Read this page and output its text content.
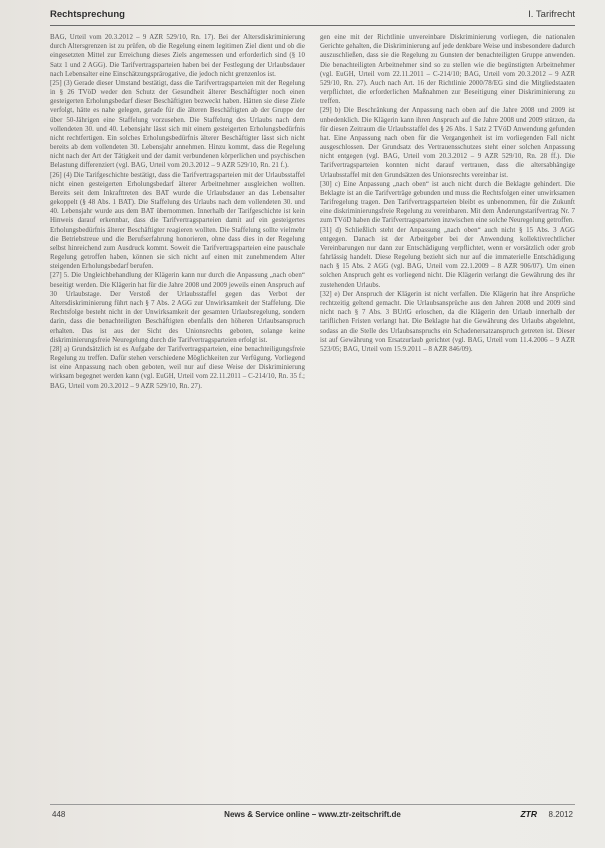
Rechtsprechung	I. Tarifrecht

BAG, Urteil vom 20.3.2012 – 9 AZR 529/10, Rn. 17). Bei der Altersdiskriminierung durch Altersgrenzen ist zu prüfen, ob die Regelung einem legitimen Ziel dient und ob die eingesetzten Mittel zur Erreichung dieses Ziels angemessen und erforderlich sind (§ 10 Satz 1 und 2 AGG). Die Tarifvertragsparteien haben bei der Festlegung der Urlaubsdauer nach Lebensalter eine Einschätzungsprärogative, die jedoch nicht grenzenlos ist.

[25] (3) Gerade dieser Umstand bestätigt, dass die Tarifvertragsparteien mit der Regelung in § 26 TVöD weder den Schutz der Gesundheit älterer Beschäftigter noch einen gesteigerten Erholungsbedarf dieser Beschäftigten bezweckt haben. Hätten sie diese Ziele verfolgt, hätte es nahe gelegen, gerade für die älteren Beschäftigten ab der Gruppe der über 50-Jährigen eine Staffelung vorzusehen. Die Staffelung des Urlaubs nach dem vollendeten 30. und 40. Lebensjahr lässt sich mit einem gesteigerten Erholungsbedürfnis nicht rechtfertigen. Ein solches Erholungsbedürfnis älterer Beschäftigter lässt sich nicht bereits ab dem vollendeten 30. Lebensjahr annehmen. Hinzu kommt, dass die Regelung nicht nach der Art der Tätigkeit und der damit verbundenen körperlichen und psychischen Belastung differenziert (vgl. BAG, Urteil vom 20.3.2012 – 9 AZR 529/10, Rn. 21 f.).

[26] (4) Die Tarifgeschichte bestätigt, dass die Tarifvertragsparteien mit der Urlaubsstaffel nicht einen gesteigerten Erholungsbedarf älterer Arbeitnehmer ausgleichen wollten. Bereits seit dem Inkrafttreten des BAT wurde die Urlaubsdauer an das Lebensalter gekoppelt (§ 48 Abs. 1 BAT). Die Staffelung des Urlaubs nach dem vollendeten 30. und 40. Lebensjahr wurde aus dem BAT übernommen. Innerhalb der Tarifgeschichte ist kein Hinweis darauf erkennbar, dass die Tarifvertragsparteien damit auf ein gesteigertes Erholungsbedürfnis älterer Beschäftigter reagieren wollten. Die Staffelung sollte vielmehr die Betriebstreue und die Berufserfahrung honorieren, ohne dass dies in der Regelung selbst hinreichend zum Ausdruck kommt. Soweit die Tarifvertragsparteien eine pauschale Regelung getroffen haben, können sie sich nicht auf einen mit zunehmendem Alter steigenden Erholungsbedarf berufen.

[27] 5. Die Ungleichbehandlung der Klägerin kann nur durch die Anpassung „nach oben“ beseitigt werden. Die Klägerin hat für die Jahre 2008 und 2009 jeweils einen Anspruch auf 30 Urlaubstage. Der Verstoß der Urlaubsstaffel gegen das Verbot der Altersdiskriminierung führt nach § 7 Abs. 2 AGG zur Unwirksamkeit der Staffelung. Die Rechtsfolge besteht nicht in der Unwirksamkeit der gesamten Urlaubsregelung, sondern darin, dass die benachteiligten Beschäftigten ebenfalls den höheren Urlaubsanspruch erhalten. Das ist aus der Sicht des Unionsrechts geboten, solange keine diskriminierungsfreie Neuregelung durch die Tarifvertragsparteien erfolgt ist.

[28] a) Grundsätzlich ist es Aufgabe der Tarifvertragsparteien, eine benachteiligungsfreie Regelung zu treffen. Dafür stehen verschiedene Möglichkeiten zur Verfügung. Vorliegend ist eine Anpassung nach oben geboten, weil nur auf diese Weise der Diskriminierung wirksam begegnet werden kann (vgl. EuGH, Urteil vom 22.11.2011 – C-214/10, Rn. 35 f.; BAG, Urteil vom 20.3.2012 – 9 AZR 529/10, Rn. 27).

gen eine mit der Richtlinie unvereinbare Diskriminierung vorliegen, die nationalen Gerichte gehalten, die Diskriminierung auf jede denkbare Weise und insbesondere dadurch auszuschließen, dass sie die Regelung zu Gunsten der benachteiligten Gruppe anwenden. Die benachteiligten Arbeitnehmer sind so zu stellen wie die begünstigten Arbeitnehmer (vgl. EuGH, Urteil vom 22.11.2011 – C-214/10; BAG, Urteil vom 20.3.2012 – 9 AZR 529/10, Rn. 27). Auch nach Art. 16 der Richtlinie 2000/78/EG sind die Mitgliedstaaten verpflichtet, die erforderlichen Maßnahmen zur Beseitigung einer Diskriminierung zu treffen.

[29] b) Die Beschränkung der Anpassung nach oben auf die Jahre 2008 und 2009 ist unbedenklich. Die Klägerin kann ihren Anspruch auf die Jahre 2008 und 2009 stützen, da für diesen Zeitraum die Urlaubsstaffel des § 26 Abs. 1 Satz 2 TVöD Anwendung gefunden hat. Eine Anpassung nach oben für die Vergangenheit ist im vorliegenden Fall nicht ausgeschlossen. Der Grundsatz des Vertrauensschutzes steht einer solchen Anpassung nicht entgegen (vgl. BAG, Urteil vom 20.3.2012 – 9 AZR 529/10, Rn. 28 ff.). Die Tarifvertragsparteien konnten nicht darauf vertrauen, dass die altersabhängige Urlaubsstaffel mit den Grundsätzen des Unionsrechts vereinbar ist.

[30] c) Eine Anpassung „nach oben“ ist auch nicht durch die Beklagte gehindert. Die Beklagte ist an die Tarifverträge gebunden und muss die Rechtsfolgen einer unwirksamen Tarifregelung tragen. Den Tarifvertragsparteien bleibt es unbenommen, für die Zukunft eine diskriminierungsfreie Regelung zu vereinbaren. Mit dem Änderungstarifvertrag Nr. 7 zum TVöD haben die Tarifvertragsparteien inzwischen eine solche Neuregelung getroffen.

[31] d) Schließlich steht der Anpassung „nach oben“ auch nicht § 15 Abs. 3 AGG entgegen. Danach ist der Arbeitgeber bei der Anwendung kollektivrechtlicher Vereinbarungen nur dann zur Entschädigung verpflichtet, wenn er vorsätzlich oder grob fahrlässig handelt. Diese Regelung bezieht sich nur auf die immaterielle Entschädigung nach § 15 Abs. 2 AGG (vgl. BAG, Urteil vom 22.1.2009 – 8 AZR 906/07). Um einen solchen Anspruch geht es vorliegend nicht. Die Klägerin verlangt die Gewährung des ihr zustehenden Urlaubs.

[32] e) Der Anspruch der Klägerin ist nicht verfallen. Die Klägerin hat ihre Ansprüche rechtzeitig geltend gemacht. Die Urlaubsansprüche aus den Jahren 2008 und 2009 sind nicht nach § 7 Abs. 3 BUrlG erloschen, da die Klägerin den Urlaub innerhalb der tariflichen Fristen verlangt hat. Die Beklagte hat die Gewährung des Urlaubs abgelehnt, sodass an die Stelle des Urlaubsanspruchs ein Schadenersatzanspruch getreten ist. Dieser ist auf Gewährung von Ersatzurlaub gerichtet (vgl. BAG, Urteil vom 11.4.2006 – 9 AZR 523/05; BAG, Urteil vom 15.9.2011 – 8 AZR 846/09).

448	News & Service online – www.ztr-zeitschrift.de	ZTR 8.2012
